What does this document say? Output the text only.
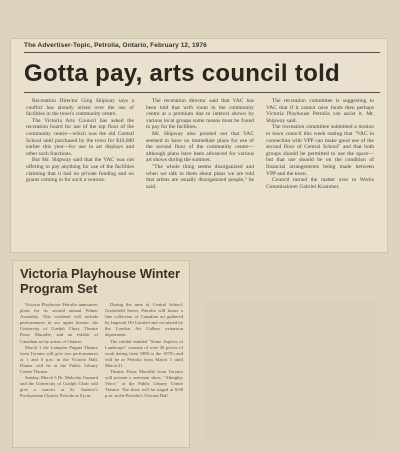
The Advertiser-Topic, Petrolia, Ontario, February 12, 1976
Gotta pay, arts council told

Recreation Director Greg Shipway says a conflict has already arisen over the use of facilities in the town's community centre.

The Victoria Arts Council has asked the recreation board for use of the top floor of the community centre—which was the old Central School until purchased by the town for $10,000 earlier this year—for use in art displays and other such functions.

But Mr. Shipway said that the VAC was not offering to pay anything for use of the facilities claiming that it had no private funding and no grants coming in for such a venture.

The recreation director said that VAC has been told that with room in the community centre at a premium due to interest shown by various local groups some means must be found to pay for the facilities.

Mr. Shipway also pointed out that VAC seemed to have no immediate plans for use of the second floor of the community centre—although plans have been advanced for various art shows during the summer.

"The whole thing seems disorganized and when we talk to them about plans we are told that artists are usually disorganized people," he said.

The recreation committee is suggesting to VAC that if it cannot raise funds then perhaps Victoria Playhouse Petrolia can assist it, Mr. Shipway said.

The recreation committee submitted a motion to town council this week stating that "VAC in connection with VPP can make good use of the second floor of Central School" and that both groups should be permitted to use the space—but that use should be on the condition of financial arrangements being made between VPP and the town.

Council turned the matter over to Works Commissioner Gabriel Krammer.

Victoria Playhouse Winter Program Set

Victoria Playhouse Petrolia announces plans for its second annual Winter Assembly. This weekend will include performances in our upper theatre, the University of Guelph Choir, Theatre Passe Muraille, and an exhibit of Canadian art by artists of Ontario.

March 1 the Lampton Puppet Theatre from Toronto will give two performances at 1 and 3 p.m. in the Victoria Hall. Dinner will be at the Public Library Centre Theatre.

Sunday, March 3 Dr. Malcolm Gazzard and the University of Guelph Choir will give a concert at St. Andrew's Presbyterian Church, Petrolia at 8 p.m.

During the time of Central School, Greenfield Street, Petrolia will house a fine collection of Canadian art gathered by Imperial Oil Limited and circulated by the London Art Gallery extension department.

The exhibit entitled "Some Aspects of Landscape" consists of over 30 pieces of work dating from 1880 to the 1970's and will be at Petrolia from March 1 until March 21.

Theatre Passe Muraille from Toronto will present a one-man show, "Almighty Voice," at the Public Library Centre Theatre. The show will be staged at 8:00 p.m. in the Petrolia's Victoria Hall.
